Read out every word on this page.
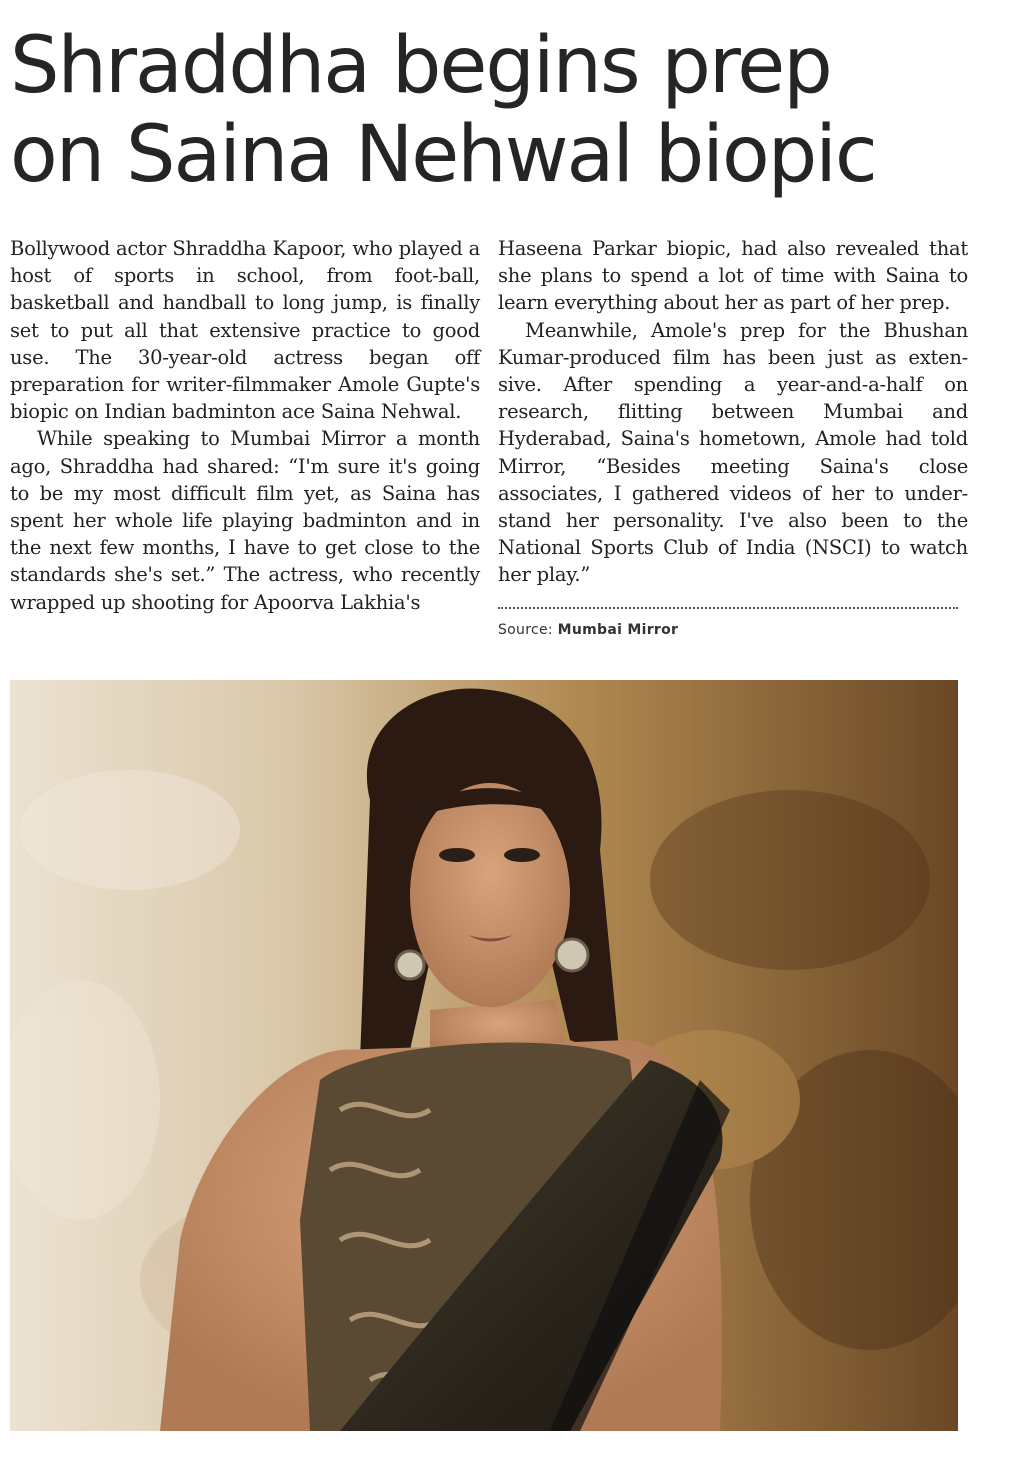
Shraddha begins prep
on Saina Nehwal biopic

Bollywood actor Shraddha Kapoor, who played a host of sports in school, from foot-ball, basketball and handball to long jump, is finally set to put all that extensive practice to good use. The 30-year-old actress began off preparation for writer-filmmaker Amole Gupte's biopic on Indian badminton ace Saina Nehwal.

While speaking to Mumbai Mirror a month ago, Shraddha had shared: “I'm sure it's going to be my most difficult film yet, as Saina has spent her whole life playing badminton and in the next few months, I have to get close to the standards she's set.” The actress, who recently wrapped up shooting for Apoorva Lakhia's

Haseena Parkar biopic, had also revealed that she plans to spend a lot of time with Saina to learn everything about her as part of her prep.

Meanwhile, Amole's prep for the Bhushan Kumar-produced film has been just as exten-sive. After spending a year-and-a-half on research, flitting between Mumbai and Hyderabad, Saina's hometown, Amole had told Mirror, “Besides meeting Saina's close associates, I gathered videos of her to under-stand her personality. I've also been to the National Sports Club of India (NSCI) to watch her play.”

Source: Mumbai Mirror
